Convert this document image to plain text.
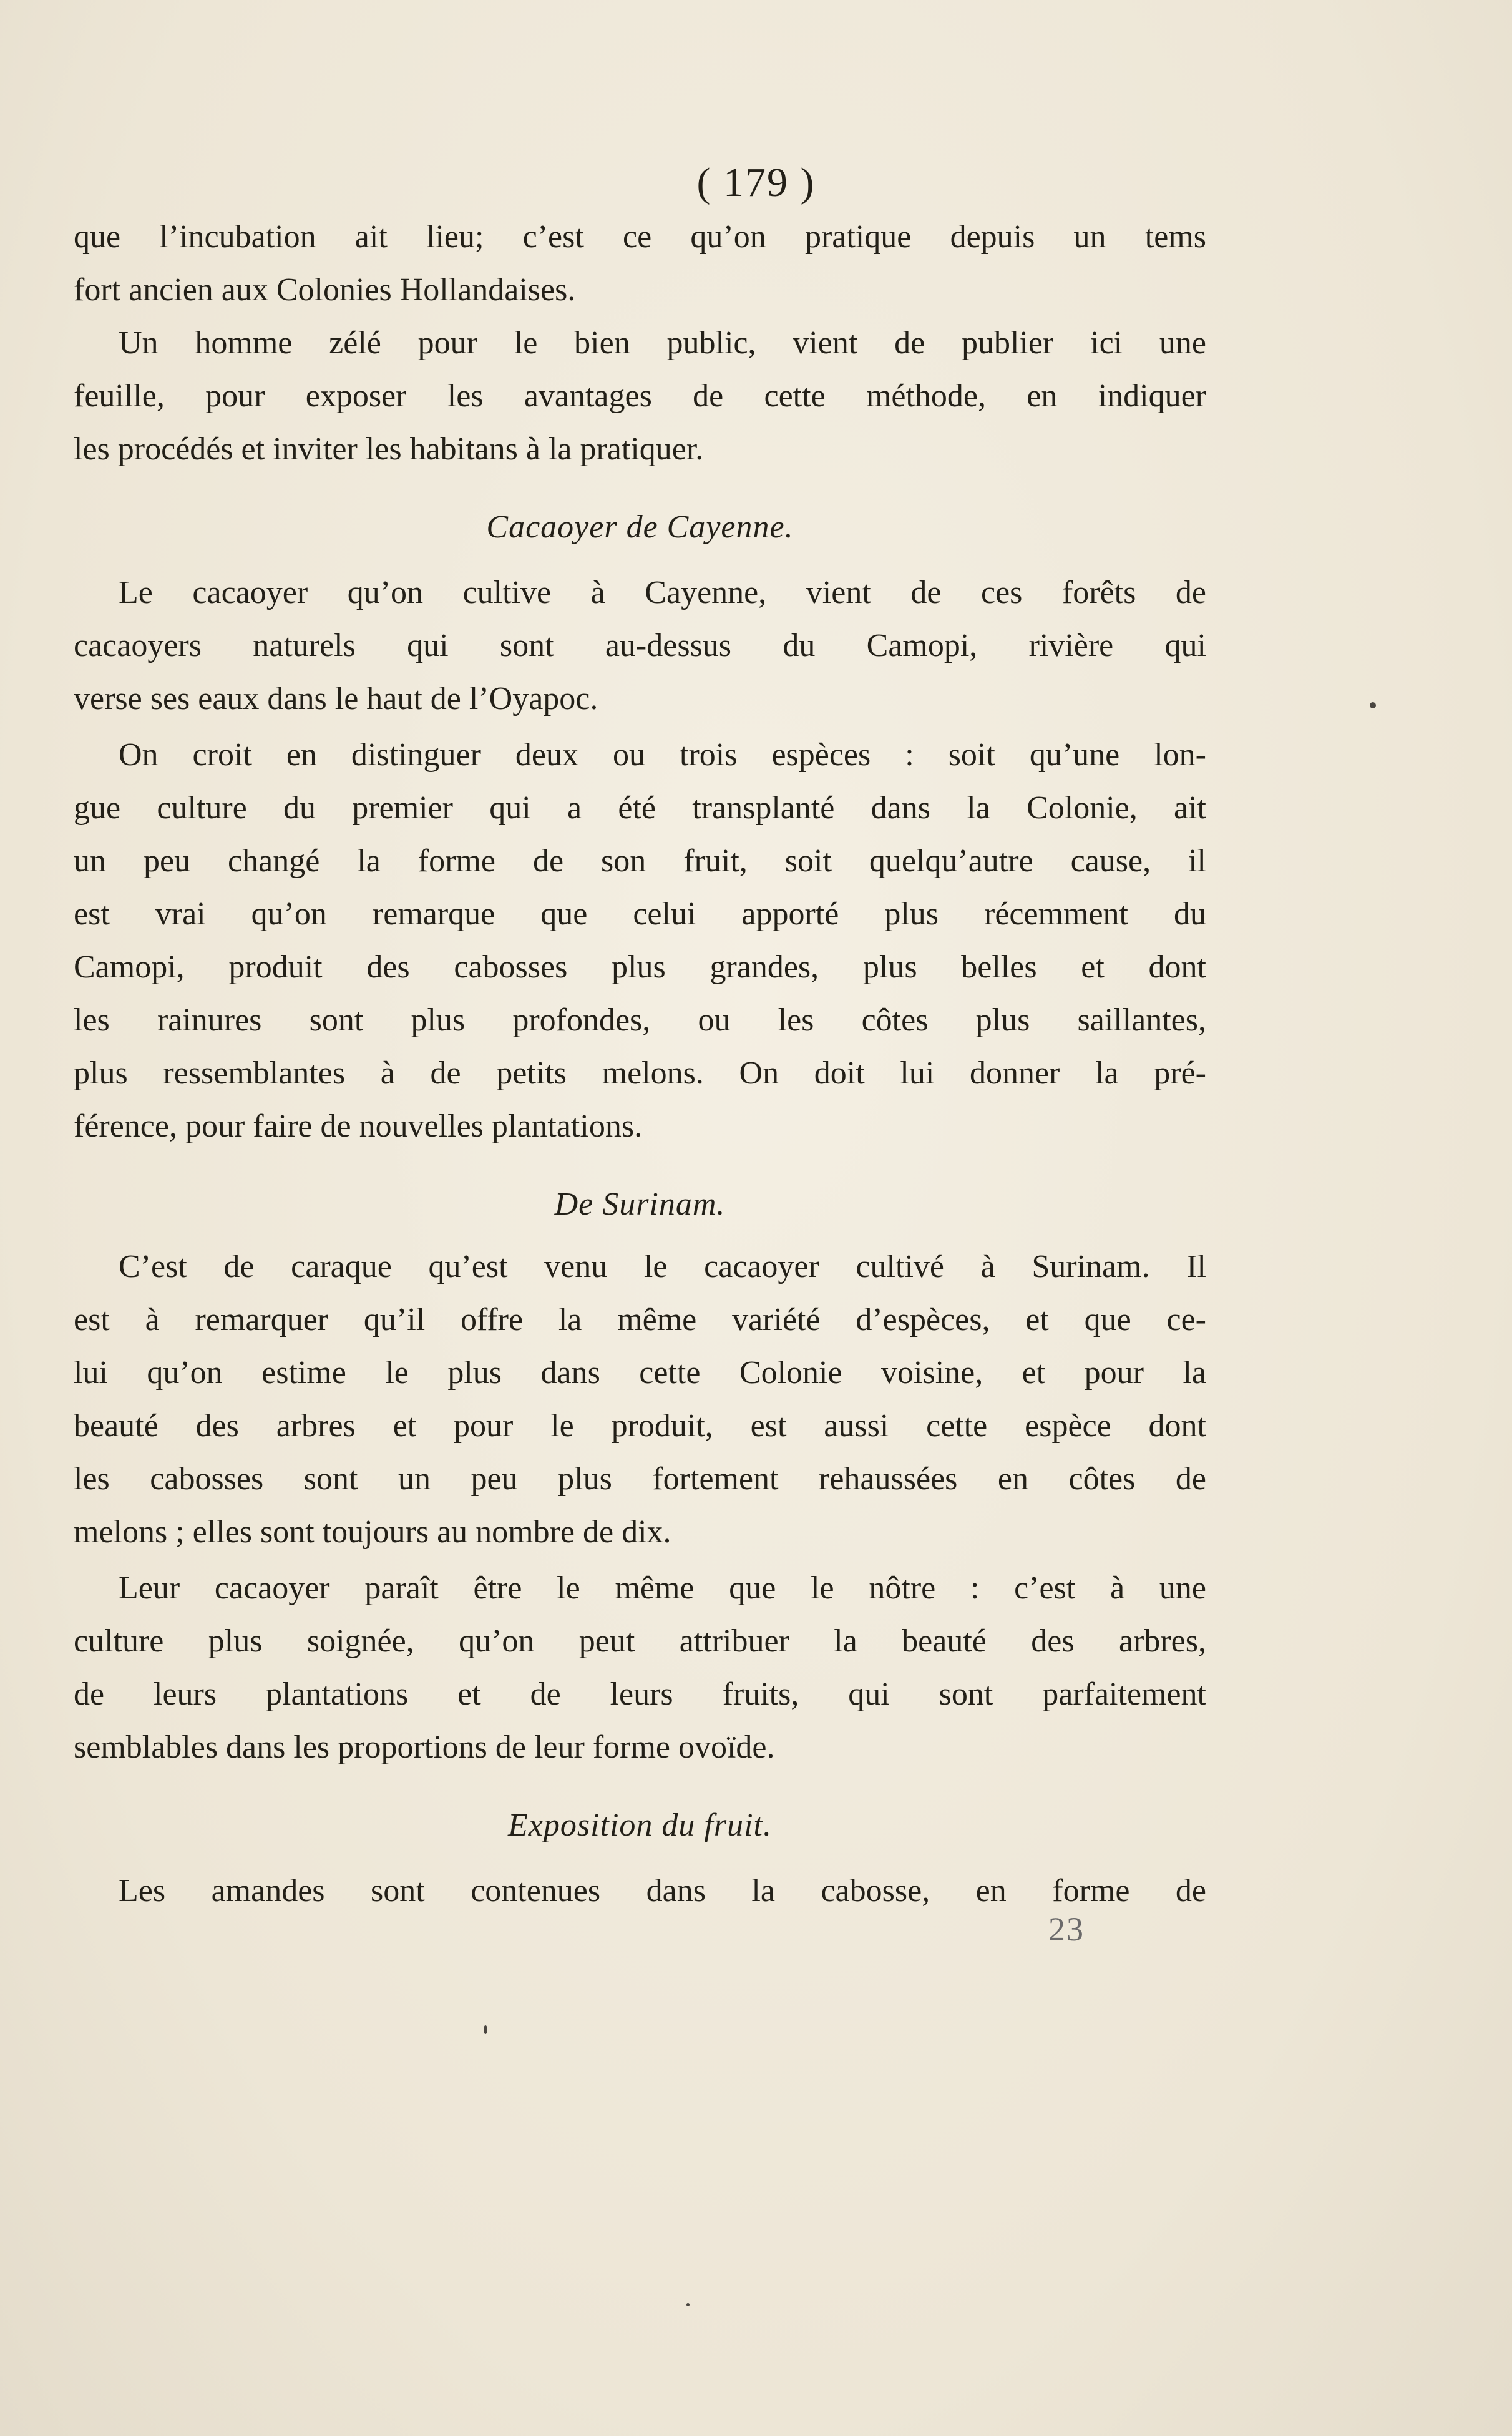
( 179 )
que l’incubation ait lieu; c’est ce qu’on pratique depuis un tems
fort ancien aux Colonies Hollandaises.
Un homme zélé pour le bien public, vient de publier ici une
feuille, pour exposer les avantages de cette méthode, en indiquer
les procédés et inviter les habitans à la pratiquer.
Cacaoyer de Cayenne.
Le cacaoyer qu’on cultive à Cayenne, vient de ces forêts de
cacaoyers naturels qui sont au-dessus du Camopi, rivière qui
verse ses eaux dans le haut de l’Oyapoc.
On croit en distinguer deux ou trois espèces : soit qu’une lon-
gue culture du premier qui a été transplanté dans la Colonie, ait
un peu changé la forme de son fruit, soit quelqu’autre cause, il
est vrai qu’on remarque que celui apporté plus récemment du
Camopi, produit des cabosses plus grandes, plus belles et dont
les rainures sont plus profondes, ou les côtes plus saillantes,
plus ressemblantes à de petits melons. On doit lui donner la pré-
férence, pour faire de nouvelles plantations.
De Surinam.
C’est de caraque qu’est venu le cacaoyer cultivé à Surinam. Il
est à remarquer qu’il offre la même variété d’espèces, et que ce-
lui qu’on estime le plus dans cette Colonie voisine, et pour la
beauté des arbres et pour le produit, est aussi cette espèce dont
les cabosses sont un peu plus fortement rehaussées en côtes de
melons ; elles sont toujours au nombre de dix.
Leur cacaoyer paraît être le même que le nôtre : c’est à une
culture plus soignée, qu’on peut attribuer la beauté des arbres,
de leurs plantations et de leurs fruits, qui sont parfaitement
semblables dans les proportions de leur forme ovoïde.
Exposition du fruit.
Les amandes sont contenues dans la cabosse, en forme de
23
